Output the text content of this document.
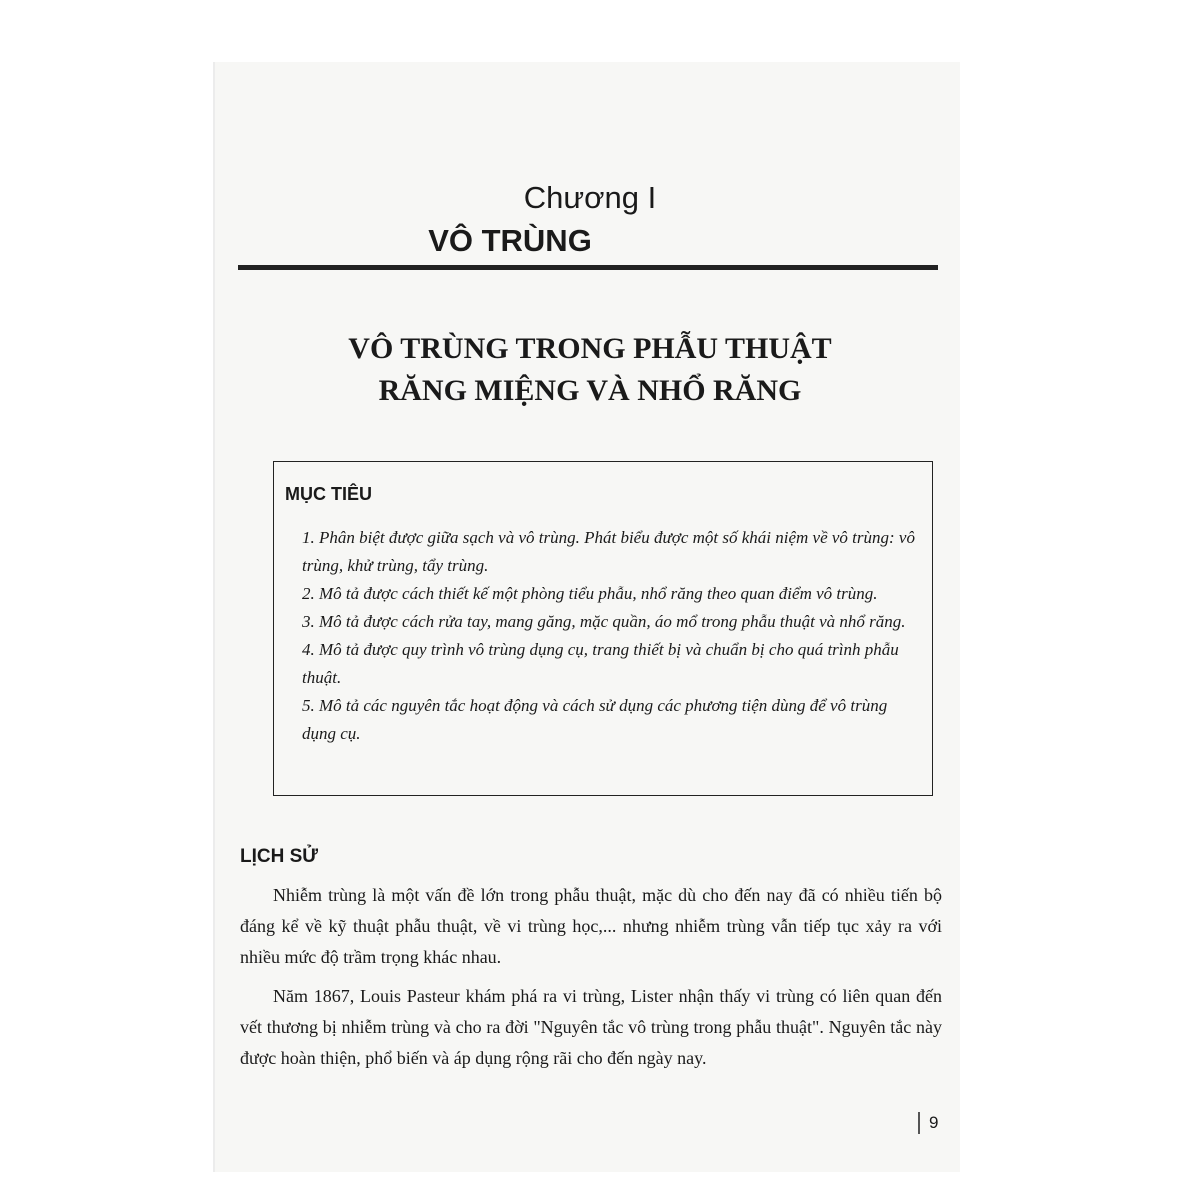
Chương I
VÔ TRÙNG
VÔ TRÙNG TRONG PHẪU THUẬT
RĂNG MIỆNG VÀ NHỔ RĂNG
MỤC TIÊU
1. Phân biệt được giữa sạch và vô trùng. Phát biểu được một số khái niệm về vô trùng: vô trùng, khử trùng, tẩy trùng.
2. Mô tả được cách thiết kế một phòng tiểu phẫu, nhổ răng theo quan điểm vô trùng.
3. Mô tả được cách rửa tay, mang găng, mặc quần, áo mổ trong phẫu thuật và nhổ răng.
4. Mô tả được quy trình vô trùng dụng cụ, trang thiết bị và chuẩn bị cho quá trình phẫu thuật.
5. Mô tả các nguyên tắc hoạt động và cách sử dụng các phương tiện dùng để vô trùng dụng cụ.
LỊCH SỬ

Nhiễm trùng là một vấn đề lớn trong phẫu thuật, mặc dù cho đến nay đã có nhiều tiến bộ đáng kể về kỹ thuật phẫu thuật, về vi trùng học,... nhưng nhiễm trùng vẫn tiếp tục xảy ra với nhiều mức độ trầm trọng khác nhau.

Năm 1867, Louis Pasteur khám phá ra vi trùng, Lister nhận thấy vi trùng có liên quan đến vết thương bị nhiễm trùng và cho ra đời "Nguyên tắc vô trùng trong phẫu thuật". Nguyên tắc này được hoàn thiện, phổ biến và áp dụng rộng rãi cho đến ngày nay.

9
